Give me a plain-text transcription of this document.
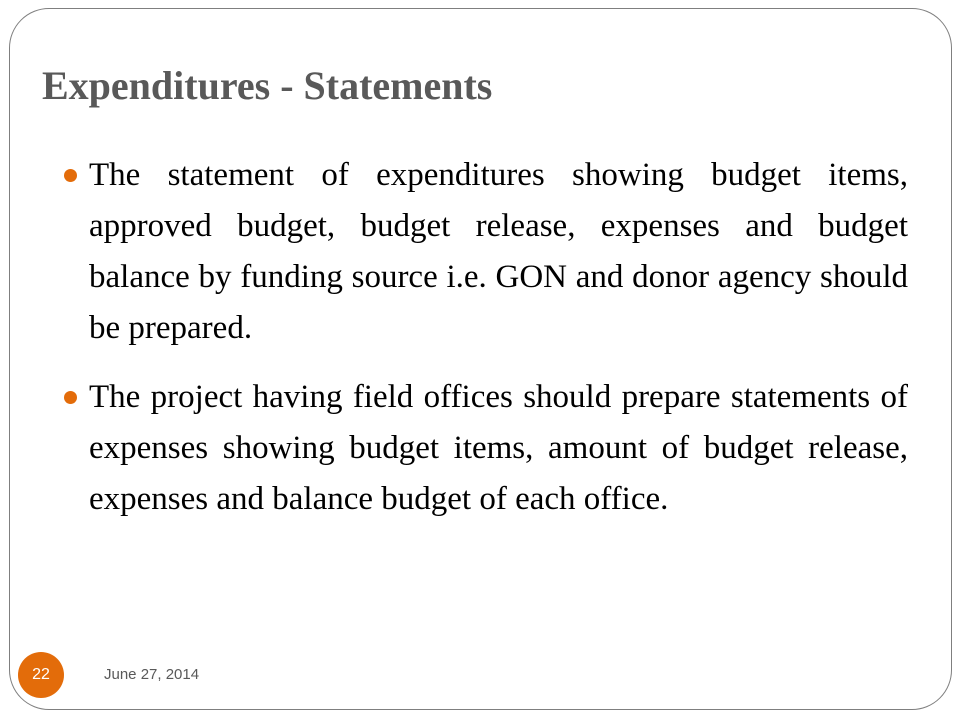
Expenditures - Statements

The statement of expenditures showing budget items, approved budget, budget release, expenses and budget balance by funding source i.e. GON and donor agency should be prepared.

The project having field offices should prepare statements of expenses showing budget items, amount of budget release, expenses and balance budget of each office.

22	June 27, 2014
